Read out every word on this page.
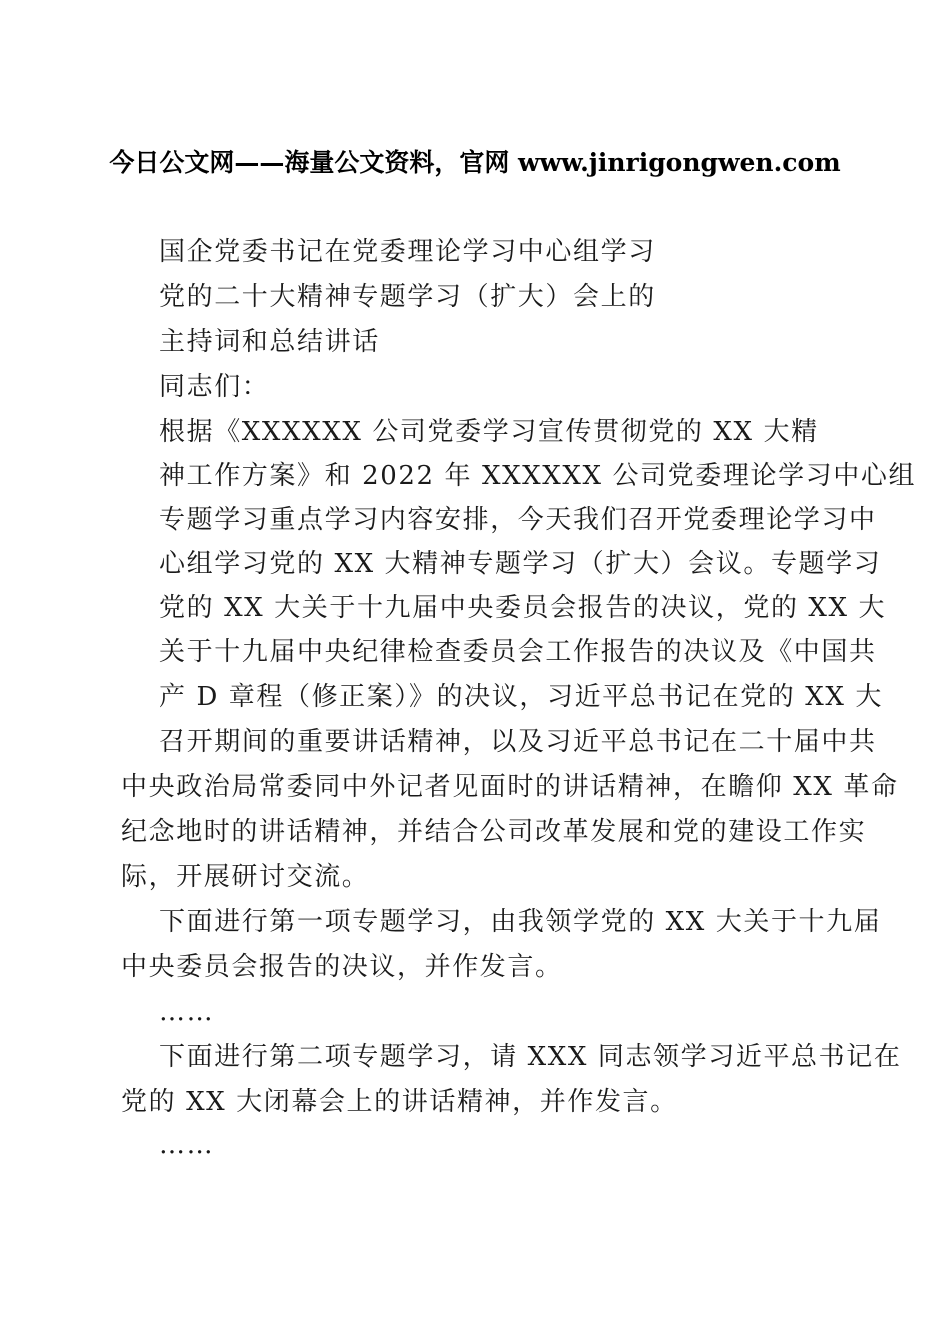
今日公文网——海量公文资料，官网 www.jinrigongwen.com
国企党委书记在党委理论学习中心组学习
党的二十大精神专题学习（扩大）会上的
主持词和总结讲话
同志们：
根据《XXXXXX 公司党委学习宣传贯彻党的 XX 大精
神工作方案》和 2022 年 XXXXXX 公司党委理论学习中心组
专题学习重点学习内容安排，今天我们召开党委理论学习中
心组学习党的 XX 大精神专题学习（扩大）会议。专题学习
党的 XX 大关于十九届中央委员会报告的决议，党的 XX 大
关于十九届中央纪律检查委员会工作报告的决议及《中国共
产 D 章程（修正案）》的决议，习近平总书记在党的 XX 大
召开期间的重要讲话精神，以及习近平总书记在二十届中共
中央政治局常委同中外记者见面时的讲话精神，在瞻仰 XX 革命
纪念地时的讲话精神，并结合公司改革发展和党的建设工作实
际，开展研讨交流。
下面进行第一项专题学习，由我领学党的 XX 大关于十九届
中央委员会报告的决议，并作发言。
……
下面进行第二项专题学习，请 XXX 同志领学习近平总书记在
党的 XX 大闭幕会上的讲话精神，并作发言。
……
